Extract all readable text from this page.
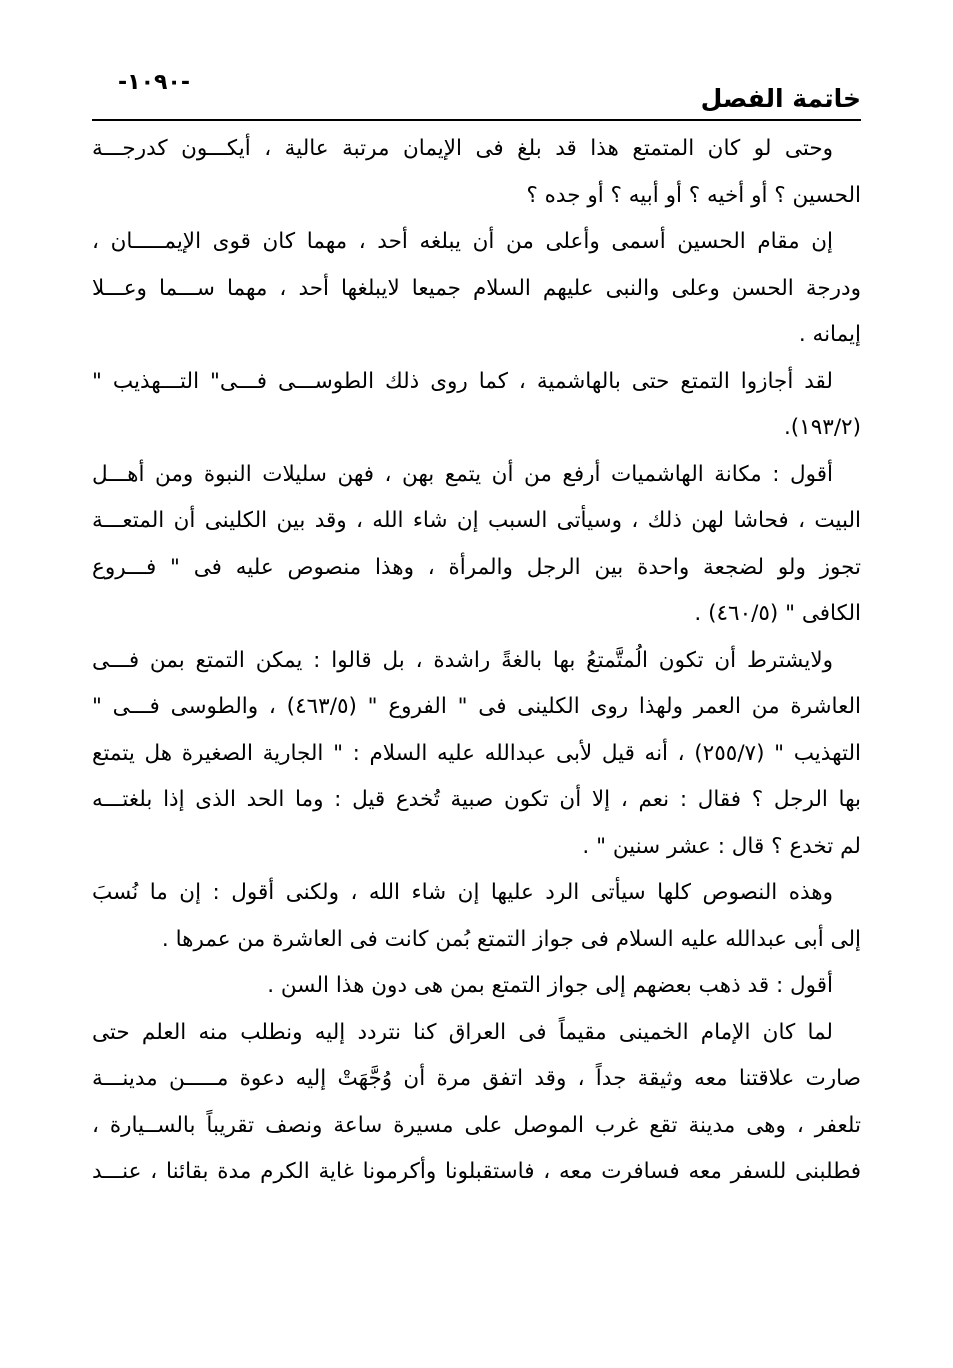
-١٠٩٠-
خاتمة الفصل
وحتى لو كان المتمتع هذا قد بلغ فى الإيمان مرتبة عالية ، أيكـــون كدرجـــة
الحسين ؟ أو أخيه ؟ أو أبيه ؟ أو جده ؟
إن مقام الحسين أسمى وأعلى من أن يبلغه أحد ، مهما كان قوى الإيمـــــان ،
ودرجة الحسن وعلى والنبى عليهم السلام جميعا لايبلغها أحد ، مهما ســـما وعـــلا
إيمانه .
لقد أجازوا التمتع حتى بالهاشمية ، كما روى ذلك الطوســـى فـــى" التـــهذيب "
(١٩٣/٢).
أقول : مكانة الهاشميات أرفع من أن يتمع بهن ، فهن سليلات النبوة ومن أهـــل
البيت ، فحاشا لهن ذلك ، وسيأتى السبب إن شاء الله ، وقد بين الكلينى أن المتعـــة
تجوز ولو لضجعة واحدة بين الرجل والمرأة ، وهذا منصوص عليه فى " فـــروع
الكافى " (٤٦٠/٥) .
ولايشترط أن تكون الُمتَّمتعُ بها بالغةً راشدة ، بل قالوا : يمكن التمتع بمن فـــى
العاشرة من العمر ولهذا روى الكلينى فى " الفروع " (٤٦٣/٥) ، والطوسى فـــى "
التهذيب " (٢٥٥/٧) ، أنه قيل لأبى عبدالله عليه السلام : " الجارية الصغيرة هل يتمتع
بها الرجل ؟ فقال : نعم ، إلا أن تكون صبية تُخدع قيل : وما الحد الذى إذا بلغتـــه
لم تخدع ؟ قال : عشر سنين " .
وهذه النصوص كلها سيأتى الرد عليها إن شاء الله ، ولكنى أقول : إن ما نُسبَ
إلى أبى عبدالله عليه السلام فى جواز التمتع بُمن كانت فى العاشرة من عمرها .
أقول : قد ذهب بعضهم إلى جواز التمتع بمن هى دون هذا السن .
لما كان الإمام الخمينى مقيماً فى العراق كنا نتردد إليه ونطلب منه العلم حتى
صارت علاقتنا معه وثيقة جداً ، وقد اتفق مرة أن وُجَّهَتْ إليه دعوة مـــــن مدينـــة
تلعفر ، وهى مدينة تقع غرب الموصل على مسيرة ساعة ونصف تقريباً بالســيارة ،
فطلبنى للسفر معه فسافرت معه ، فاستقبلونا وأكرمونا غاية الكرم مدة بقائنا ، عنـــد
